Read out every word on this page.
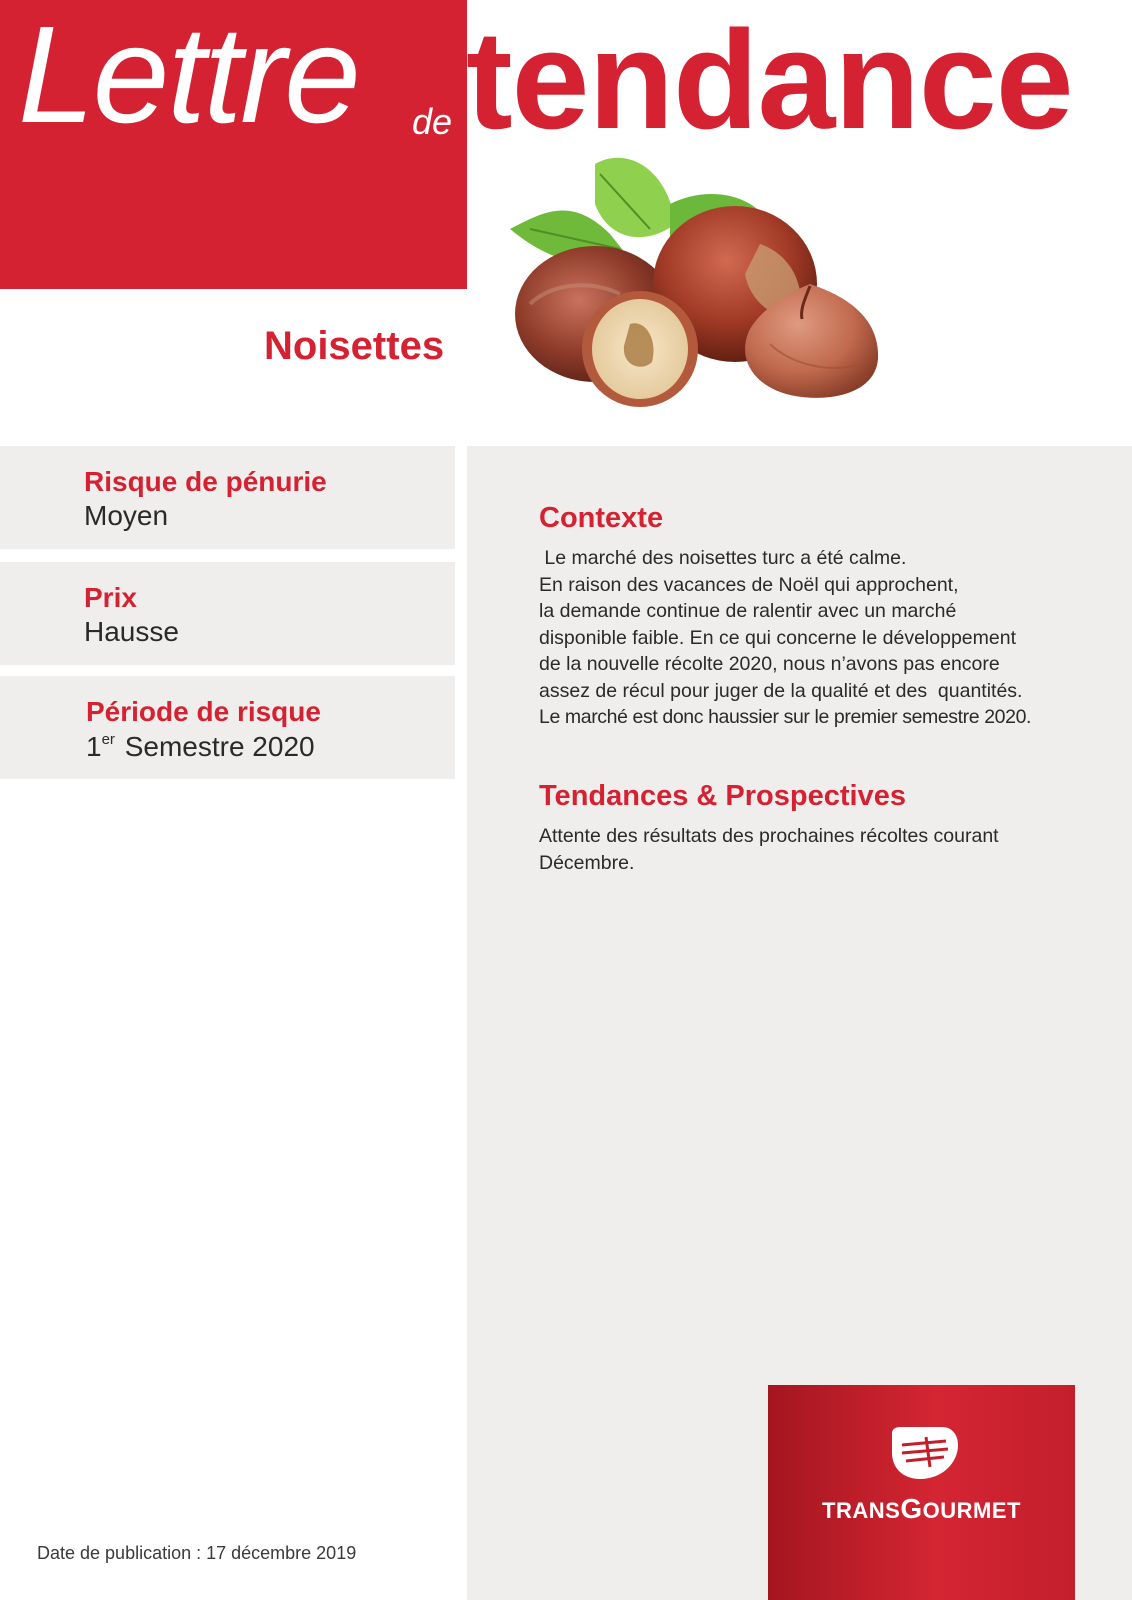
Lettre de tendance
Noisettes
Risque de pénurie
Moyen
Prix
Hausse
Période de risque
1er Semestre 2020
Contexte
Le marché des noisettes turc a été calme.
En raison des vacances de Noël qui approchent,
la demande continue de ralentir avec un marché
disponible faible. En ce qui concerne le développement
de la nouvelle récolte 2020, nous n’avons pas encore
assez de récul pour juger de la qualité et des  quantités.
Le marché est donc haussier sur le premier semestre 2020.
Tendances & Prospectives
Attente des résultats des prochaines récoltes courant
Décembre.
TRANSGOURMET
Date de publication : 17 décembre 2019
